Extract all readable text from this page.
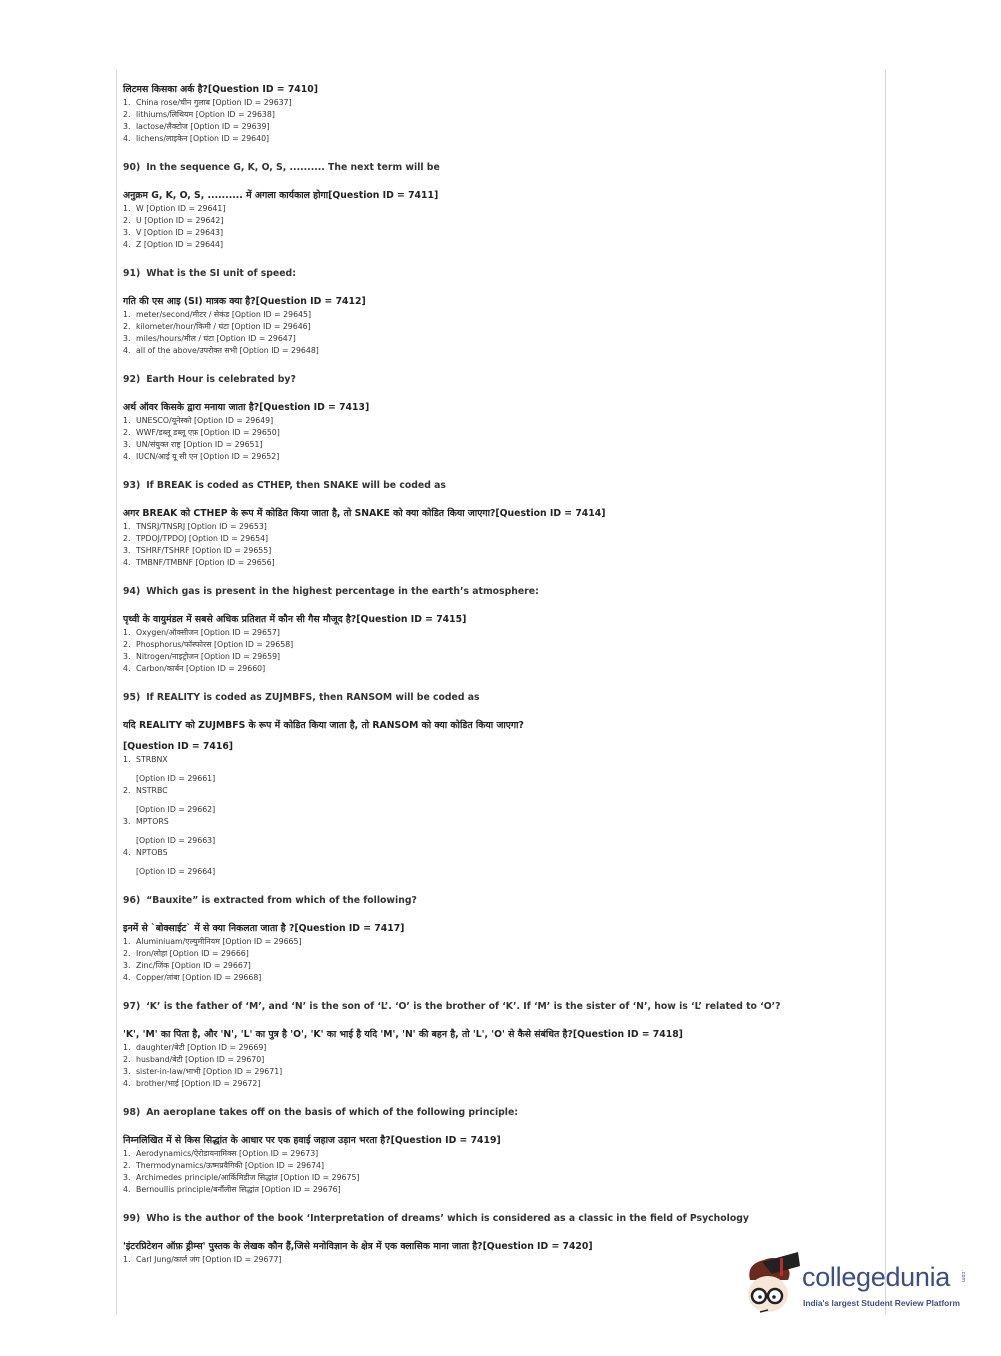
लिटमस किसका अर्क है?[Question ID = 7410]
1. China rose/चीन गुलाब [Option ID = 29637]
2. lithiums/लिथियम [Option ID = 29638]
3. lactose/लैक्टोज [Option ID = 29639]
4. lichens/लाइकेन [Option ID = 29640]
90) In the sequence G, K, O, S, .......... The next term will be
अनुक्रम G, K, O, S, .......... में अगला कार्यकाल होगा[Question ID = 7411]
1. W [Option ID = 29641]
2. U [Option ID = 29642]
3. V [Option ID = 29643]
4. Z [Option ID = 29644]
91) What is the SI unit of speed:
गति की एस आइ (SI) मात्रक क्या है?[Question ID = 7412]
1. meter/second/मीटर / सेकंड [Option ID = 29645]
2. kilometer/hour/किमी / घंटा [Option ID = 29646]
3. miles/hours/मील / घंटा [Option ID = 29647]
4. all of the above/उपरोक्त सभी [Option ID = 29648]
92) Earth Hour is celebrated by?
अर्थ ऑवर किसके द्वारा मनाया जाता है?[Question ID = 7413]
1. UNESCO/यूनेस्को [Option ID = 29649]
2. WWF/डब्लू डब्लू एफ़ [Option ID = 29650]
3. UN/संयुक्त राष्ट्र [Option ID = 29651]
4. IUCN/आई यू सी एन [Option ID = 29652]
93) If BREAK is coded as CTHEP, then SNAKE will be coded as
अगर BREAK को CTHEP के रूप में कोडित किया जाता है, तो SNAKE को क्या कोडित किया जाएगा?[Question ID = 7414]
1. TNSRJ/TNSRJ [Option ID = 29653]
2. TPDOJ/TPDOJ [Option ID = 29654]
3. TSHRF/TSHRF [Option ID = 29655]
4. TMBNF/TMBNF [Option ID = 29656]
94) Which gas is present in the highest percentage in the earth’s atmosphere:
पृथ्वी के वायुमंडल में सबसे अधिक प्रतिशत में कौन सी गैस मौजूद है?[Question ID = 7415]
1. Oxygen/ऑक्सीजन [Option ID = 29657]
2. Phosphorus/फॉस्फोरस [Option ID = 29658]
3. Nitrogen/नाइट्रोजन [Option ID = 29659]
4. Carbon/कार्बन [Option ID = 29660]
95) If REALITY is coded as ZUJMBFS, then RANSOM will be coded as
यदि REALITY को ZUJMBFS के रूप में कोडित किया जाता है, तो RANSOM को क्या कोडित किया जाएगा?
[Question ID = 7416]
1. STRBNX
[Option ID = 29661]
2. NSTRBC
[Option ID = 29662]
3. MPTORS
[Option ID = 29663]
4. NPTOBS
[Option ID = 29664]
96) “Bauxite” is extracted from which of the following?
इनमें से `बोक्साईट` में से क्या निकलता जाता है ?[Question ID = 7417]
1. Aluminiuam/एल्युमीनियम [Option ID = 29665]
2. Iron/लोहा [Option ID = 29666]
3. Zinc/जिंक [Option ID = 29667]
4. Copper/तांबा [Option ID = 29668]
97) ‘K’ is the father of ‘M’, and ‘N’ is the son of ‘L’. ‘O’ is the brother of ‘K’. If ‘M’ is the sister of ‘N’, how is ‘L’ related to ‘O’?
'K', 'M' का पिता है, और 'N', 'L' का पुत्र है 'O', 'K' का भाई है यदि 'M', 'N' की बहन है, तो 'L', 'O' से कैसे संबंधित है?[Question ID = 7418]
1. daughter/बेटी [Option ID = 29669]
2. husband/बेटी [Option ID = 29670]
3. sister-in-law/भाभी [Option ID = 29671]
4. brother/भाई [Option ID = 29672]
98) An aeroplane takes off on the basis of which of the following principle:
निम्नलिखित में से किस सिद्धांत के आधार पर एक हवाई जहाज उड़ान भरता है?[Question ID = 7419]
1. Aerodynamics/ऐरोडायनामिक्स [Option ID = 29673]
2. Thermodynamics/ऊष्मप्रवैगिकी [Option ID = 29674]
3. Archimedes principle/आर्किमिडीज सिद्धांत [Option ID = 29675]
4. Bernoullis principle/बर्नौलीस सिद्धांत [Option ID = 29676]
99) Who is the author of the book ‘Interpretation of dreams’ which is considered as a classic in the field of Psychology
'इंटरप्रिटेशन ऑफ़ ड्रीम्स' पुस्तक के लेखक कौन हैं,जिसे मनोविज्ञान के क्षेत्र में एक क्लासिक माना जाता है?[Question ID = 7420]
1. Carl Jung/कार्ल जंग [Option ID = 29677]
collegedunia .com
India's largest Student Review Platform
